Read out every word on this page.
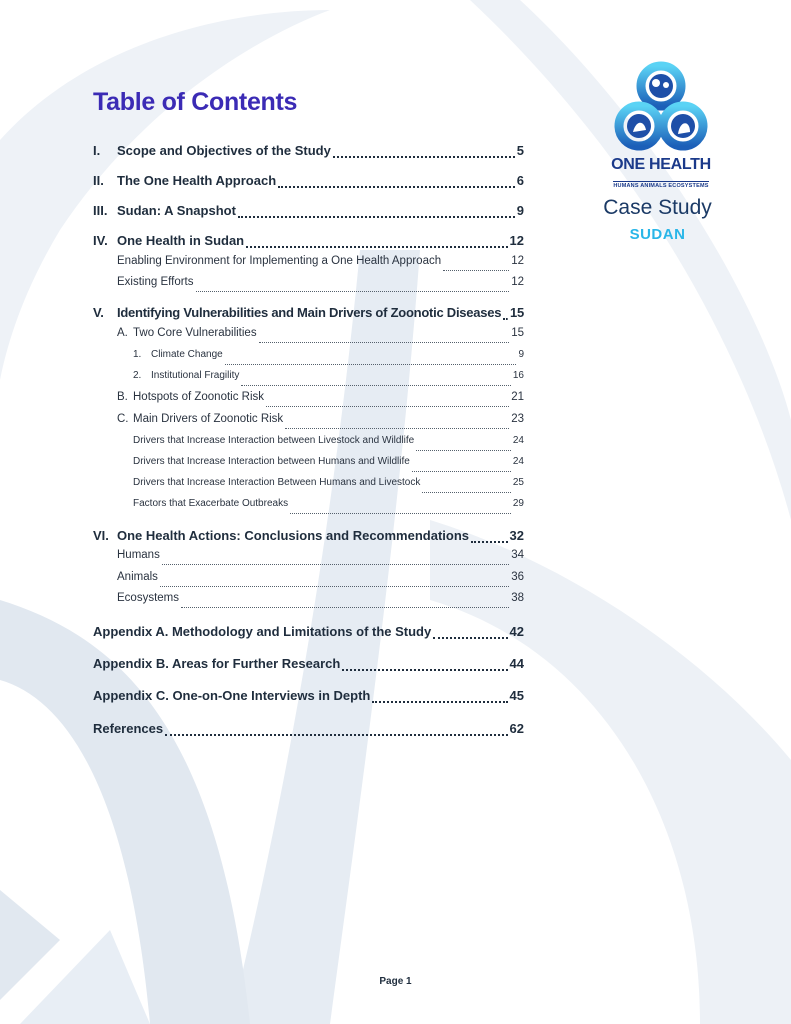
Table of Contents
I. Scope and Objectives of the Study	5
II. The One Health Approach	6
III. Sudan: A Snapshot	9
IV. One Health in Sudan	12
Enabling Environment for Implementing a One Health Approach	12
Existing Efforts	12
V. Identifying Vulnerabilities and Main Drivers of Zoonotic Diseases 15
A. Two Core Vulnerabilities	15
1. Climate Change	9
2. Institutional Fragility	16
B. Hotspots of Zoonotic Risk	21
C. Main Drivers of Zoonotic Risk	23
Drivers that Increase Interaction between Livestock and Wildlife	24
Drivers that Increase Interaction between Humans and Wildlife	24
Drivers that Increase Interaction Between Humans and Livestock	25
Factors that Exacerbate Outbreaks	29
VI. One Health Actions: Conclusions and Recommendations	32
Humans	34
Animals	36
Ecosystems	38
Appendix A. Methodology and Limitations of the Study	42
Appendix B. Areas for Further Research	44
Appendix C. One-on-One Interviews in Depth	45
References	62
ONE HEALTH
HUMANS ANIMALS ECOSYSTEMS
Case Study
SUDAN
Page 1
